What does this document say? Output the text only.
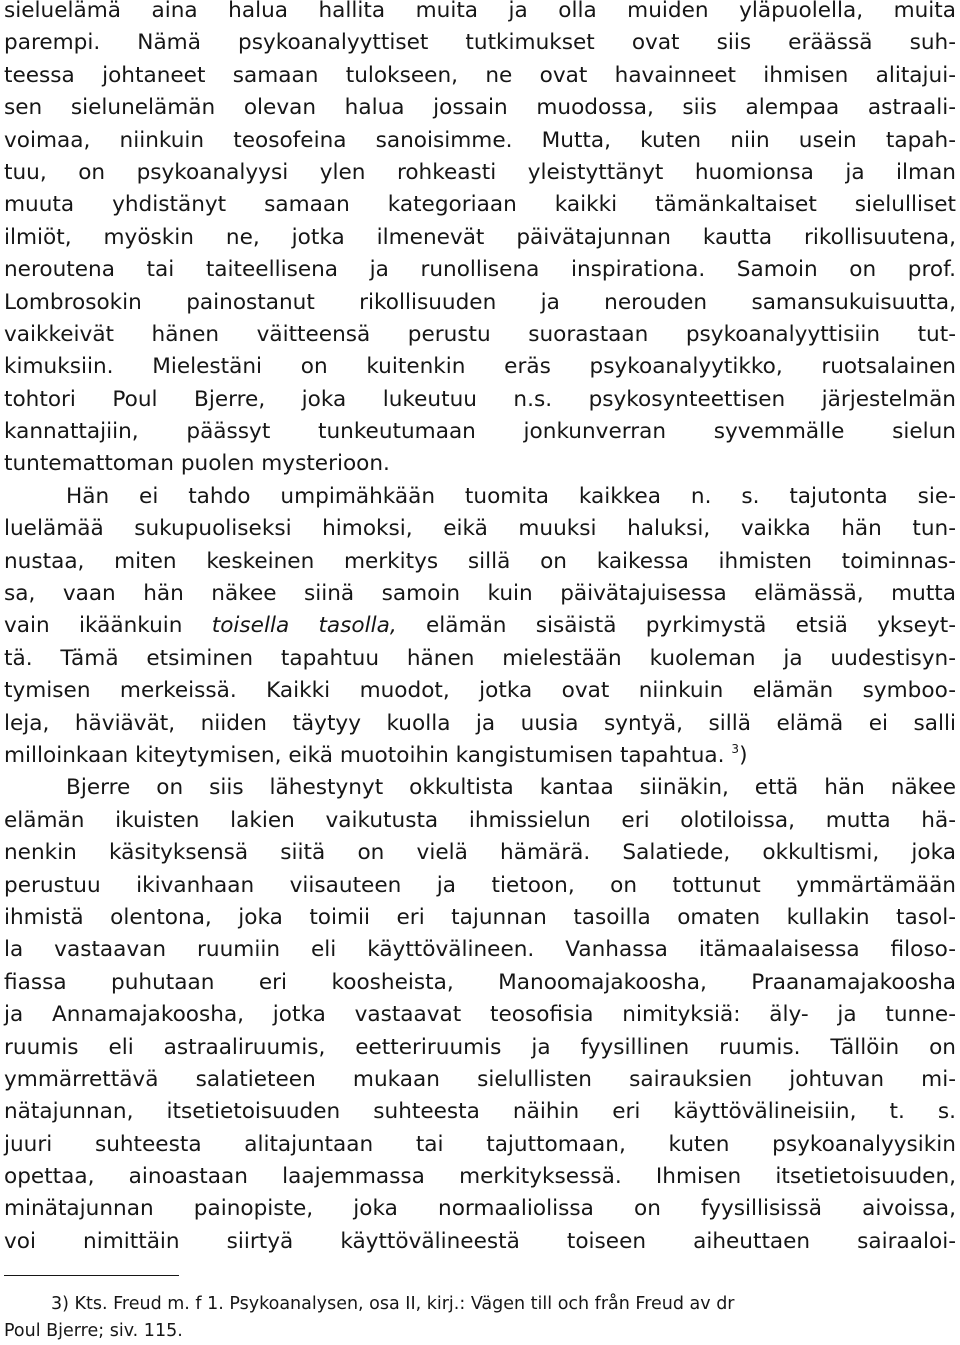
sieluelämä aina halua hallita muita ja olla muiden yläpuolella, muita
parempi. Nämä psykoanalyyttiset tutkimukset ovat siis eräässä suh-
teessa johtaneet samaan tulokseen, ne ovat havainneet ihmisen alitajui-
sen sielunelämän olevan halua jossain muodossa, siis alempaa astraali-
voimaa, niinkuin teosofeina sanoisimme. Mutta, kuten niin usein tapah-
tuu, on psykoanalyysi ylen rohkeasti yleistyttänyt huomionsa ja ilman
muuta yhdistänyt samaan kategoriaan kaikki tämänkaltaiset sielulliset
ilmiöt, myöskin ne, jotka ilmenevät päivätajunnan kautta rikollisuutena,
neroutena tai taiteellisena ja runollisena inspirationa. Samoin on prof.
Lombrosokin painostanut rikollisuuden ja nerouden samansukuisuutta,
vaikkeivät hänen väitteensä perustu suorastaan psykoanalyyttisiin tut-
kimuksiin. Mielestäni on kuitenkin eräs psykoanalyytikko, ruotsalainen
tohtori Poul Bjerre, joka lukeutuu n.s. psykosynteettisen järjestelmän
kannattajiin, päässyt tunkeutumaan jonkunverran syvemmälle sielun
tuntemattoman puolen mysterioon.
Hän ei tahdo umpimähkään tuomita kaikkea n. s. tajutonta sie-
luelämää sukupuoliseksi himoksi, eikä muuksi haluksi, vaikka hän tun-
nustaa, miten keskeinen merkitys sillä on kaikessa ihmisten toiminnas-
sa, vaan hän näkee siinä samoin kuin päivätajuisessa elämässä, mutta
vain ikäänkuin toisella tasolla, elämän sisäistä pyrkimystä etsiä ykseyt-
tä. Tämä etsiminen tapahtuu hänen mielestään kuoleman ja uudestisyn-
tymisen merkeissä. Kaikki muodot, jotka ovat niinkuin elämän symboo-
leja, häviävät, niiden täytyy kuolla ja uusia syntyä, sillä elämä ei salli
milloinkaan kiteytymisen, eikä muotoihin kangistumisen tapahtua. $^3$)
Bjerre on siis lähestynyt okkultista kantaa siinäkin, että hän näkee
elämän ikuisten lakien vaikutusta ihmissielun eri olotiloissa, mutta hä-
nenkin käsityksensä siitä on vielä hämärä. Salatiede, okkultismi, joka
perustuu ikivanhaan viisauteen ja tietoon, on tottunut ymmärtämään
ihmistä olentona, joka toimii eri tajunnan tasoilla omaten kullakin tasol-
la vastaavan ruumiin eli käyttövälineen. Vanhassa itämaalaisessa filoso-
fiassa puhutaan eri koosheista, Manoomajakoosha, Praanamajakoosha
ja Annamajakoosha, jotka vastaavat teosofisia nimityksiä: äly- ja tunne-
ruumis eli astraaliruumis, eetteriruumis ja fyysillinen ruumis. Tällöin on
ymmärrettävä salatieteen mukaan sielullisten sairauksien johtuvan mi-
nätajunnan, itsetietoisuuden suhteesta näihin eri käyttövälineisiin, t. s.
juuri suhteesta alitajuntaan tai tajuttomaan, kuten psykoanalyysikin
opettaa, ainoastaan laajemmassa merkityksessä. Ihmisen itsetietoisuuden,
minätajunnan painopiste, joka normaaliolissa on fyysillisissä aivoissa,
voi nimittäin siirtyä käyttövälineestä toiseen aiheuttaen sairaaloi-
3) Kts. Freud m. f 1. Psykoanalysen, osa II, kirj.: Vägen till och från Freud av dr
Poul Bjerre; siv. 115.
